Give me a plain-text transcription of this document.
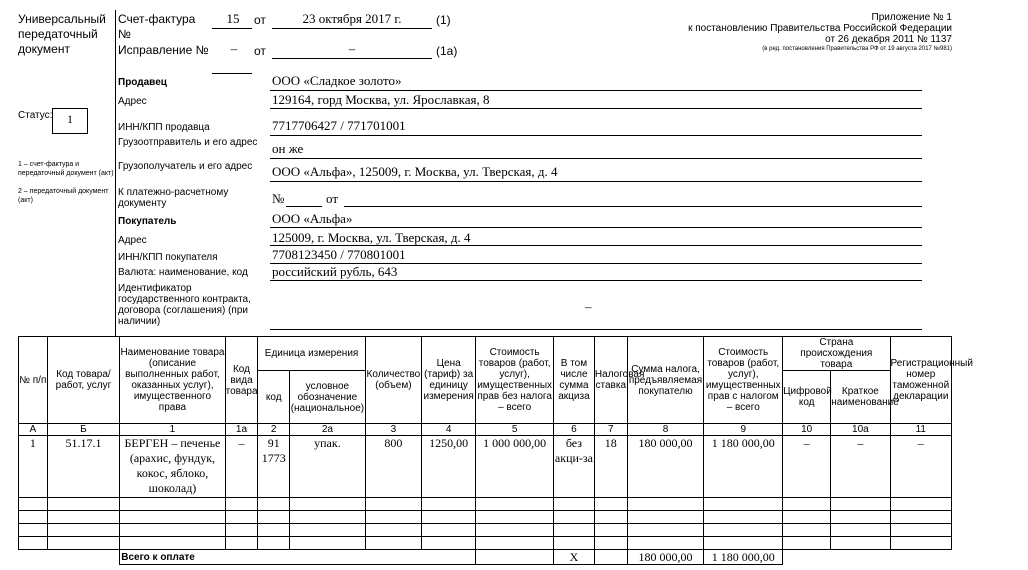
Универсальный передаточный документ
Статус:	1
1 – счет-фактура и передаточный документ (акт)
2 – передаточный документ (акт)
Счет-фактура №
15	от	23 октября 2017 г.	(1)
Исправление №	–	от	–	(1а)
Приложение № 1
к постановлению Правительства Российской Федерации
от 26 декабря 2011 № 1137
(в ред. постановления Правительства РФ от 19 августа 2017 №981)
Продавец	ООО «Сладкое золото»
Адрес	129164, горд Москва, ул. Ярославкая, 8
ИНН/КПП продавца	7717706427 / 771701001
Грузоотправитель и его адрес	он же
Грузополучатель и его адрес	ООО «Альфа», 125009, г. Москва, ул. Тверская, д. 4
К платежно-расчетному документу	№	от
Покупатель	ООО «Альфа»
Адрес	125009, г. Москва, ул. Тверская, д. 4
ИНН/КПП покупателя	7708123450 / 770801001
Валюта: наименование, код российский рубль, 643
Идентификатор государственного контракта, договора (соглашения) (при наличии)
–
№ п/п	Код товара/ работ, услуг	Наименование товара (описание выполненных работ, оказанных услуг), имущественного права	Код вида товара	Единица измерения		Количество (объем)	Цена (тариф) за единицу измерения	Стоимость товаров (работ, услуг), имущественных прав без налога – всего	В том числе сумма акциза	Налоговая ставка	Сумма налога, предъявляемая покупателю	Стоимость товаров (работ, услуг), имущественных прав с налогом – всего	Страна происхождения товара		Регистрационный номер таможенной декларации
				код	условное обозначение (национальное)								Цифровой код	Краткое наименование	
А	Б	1	1а	2	2а	3	4	5	6	7	8	9	10	10а	11
1	51.17.1	БЕРГЕН – печенье (арахис, фундук, кокос, яблоко, шоколад)	–	91 1773	упак.	800	1250,00	1 000 000,00	без акци-за	18	180 000,00	1 180 000,00	–	–	–

		Всего к оплате							Х		180 000,00	1 180 000,00			
